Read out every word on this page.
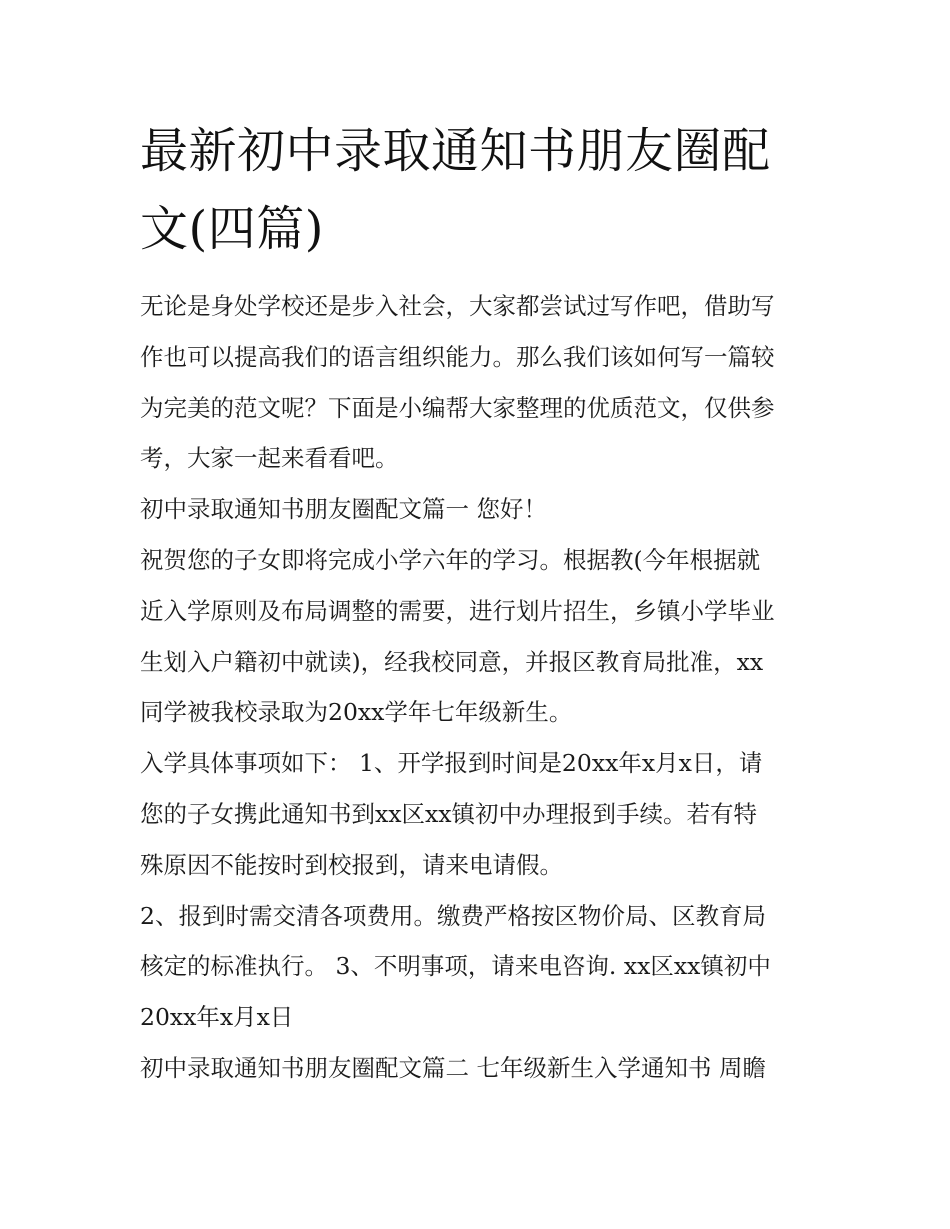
最新初中录取通知书朋友圈配
文(四篇)
无论是身处学校还是步入社会，大家都尝试过写作吧，借助写
作也可以提高我们的语言组织能力。那么我们该如何写一篇较
为完美的范文呢？下面是小编帮大家整理的优质范文，仅供参
考，大家一起来看看吧。
初中录取通知书朋友圈配文篇一 您好！
祝贺您的子女即将完成小学六年的学习。根据教(今年根据就
近入学原则及布局调整的需要，进行划片招生，乡镇小学毕业
生划入户籍初中就读)，经我校同意，并报区教育局批准，xx
同学被我校录取为20xx学年七年级新生。
入学具体事项如下： 1、开学报到时间是20xx年x月x日，请
您的子女携此通知书到xx区xx镇初中办理报到手续。若有特
殊原因不能按时到校报到，请来电请假。
2、报到时需交清各项费用。缴费严格按区物价局、区教育局
核定的标准执行。 3、不明事项，请来电咨询. xx区xx镇初中
20xx年x月x日
初中录取通知书朋友圈配文篇二 七年级新生入学通知书 周瞻
